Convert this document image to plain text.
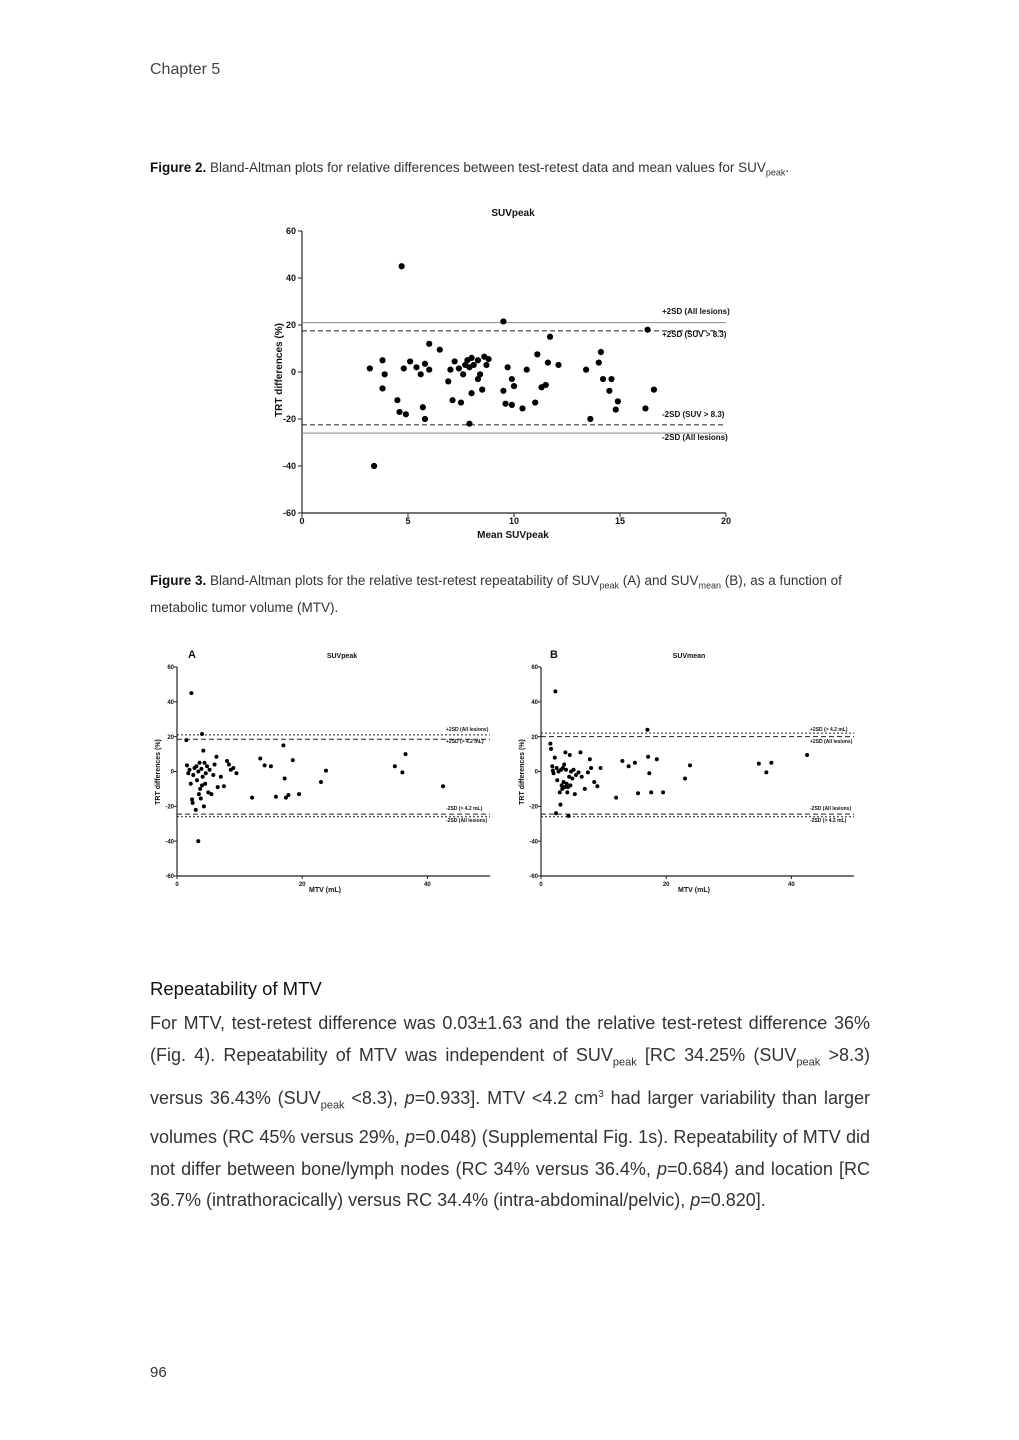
Chapter 5
Figure 2. Bland-Altman plots for relative differences between test-retest data and mean values for $SUV_{peak}$.
SUVpeak
Mean SUVpeak
TRT differences (%)
60
40
20
0
-20
-40
-60
0	5	10	15	20
+2SD (All lesions)
+2SD (SUV > 8.3)
-2SD (SUV > 8.3)
-2SD (All lesions)
Figure 3. Bland-Altman plots for the relative test-retest repeatability of $SUV_{peak}$ (A) and $SUV_{mean}$ (B), as a function of metabolic tumor volume (MTV).
A	SUVpeak
MTV (mL)
TRT differences (%)
60
40
20
0
-20
-40
-60
0	20	40
+2SD (All lesions)
+2SD (> 4.2 mL)
-2SD (> 4.2 mL)
-2SD (All lesions)
B	SUVmean
MTV (mL)
TRT differences (%)
60
40
20
0
-20
-40
-60
0	20	40
+2SD (> 4.2 mL)
+2SD (All lesions)
-2SD (All lesions)
-2SD (> 4.2 mL)
Repeatability of MTV
For MTV, test-retest difference was 0.03±1.63 and the relative test-retest difference 36% (Fig. 4). Repeatability of MTV was independent of $SUV_{peak}$ [RC 34.25% $(SUV_{peak} >8.3)$ versus 36.43% $(SUV_{peak} <8.3)$, p=0.933]. MTV <4.2 $cm^3$ had larger variability than larger volumes (RC 45% versus 29%, p=0.048) (Supplemental Fig. 1s). Repeatability of MTV did not differ between bone/lymph nodes (RC 34% versus 36.4%, p=0.684) and location [RC 36.7% (intrathoracically) versus RC 34.4% (intra-abdominal/pelvic), p=0.820].
96
